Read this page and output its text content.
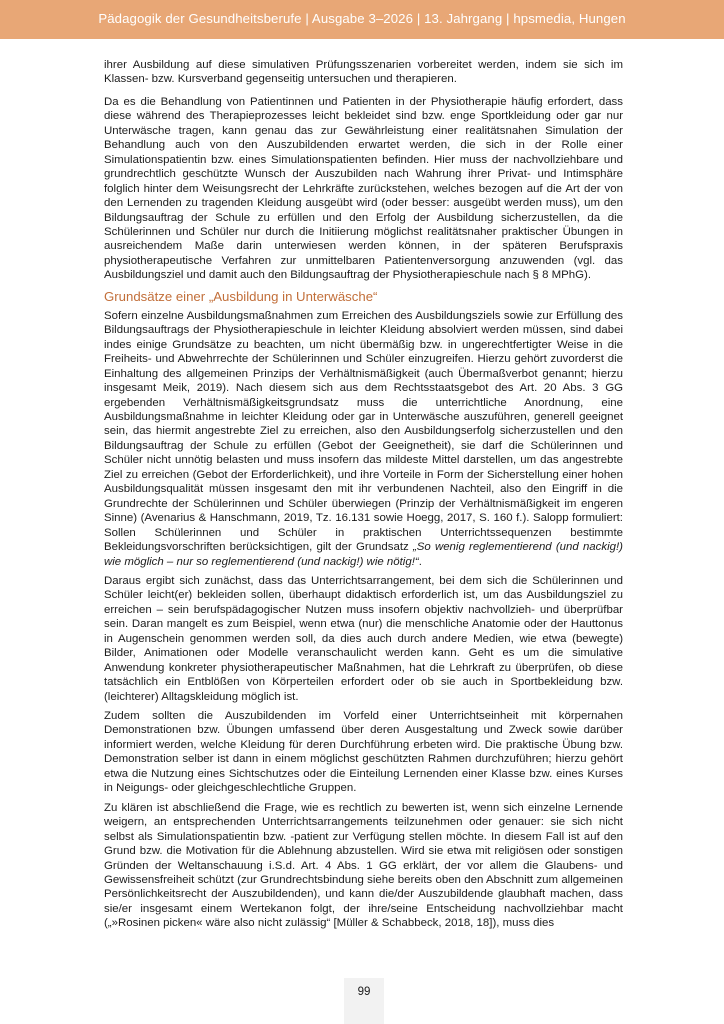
Pädagogik der Gesundheitsberufe | Ausgabe 3–2026 | 13. Jahrgang | hpsmedia, Hungen

ihrer Ausbildung auf diese simulativen Prüfungsszenarien vorbereitet werden, indem sie sich im Klassen- bzw. Kursverband gegenseitig untersuchen und therapieren.

Da es die Behandlung von Patientinnen und Patienten in der Physiotherapie häufig erfordert, dass diese während des Therapieprozesses leicht bekleidet sind bzw. enge Sportkleidung oder gar nur Unterwäsche tragen, kann genau das zur Gewährleistung einer realitätsnahen Simulation der Behandlung auch von den Auszubildenden erwartet werden, die sich in der Rolle einer Simulationspatientin bzw. eines Simulationspatienten befinden. Hier muss der nachvollziehbare und grundrechtlich geschützte Wunsch der Auszubilden nach Wahrung ihrer Privat- und Intimsphäre folglich hinter dem Weisungsrecht der Lehrkräfte zurückstehen, welches bezogen auf die Art der von den Lernenden zu tragenden Kleidung ausgeübt wird (oder besser: ausgeübt werden muss), um den Bildungsauftrag der Schule zu erfüllen und den Erfolg der Ausbildung sicherzustellen, da die Schülerinnen und Schüler nur durch die Initiierung möglichst realitätsnaher praktischer Übungen in ausreichendem Maße darin unterwiesen werden können, in der späteren Berufspraxis physiotherapeutische Verfahren zur unmittelbaren Patientenversorgung anzuwenden (vgl. das Ausbildungsziel und damit auch den Bildungsauftrag der Physiotherapieschule nach § 8 MPhG).

Grundsätze einer „Ausbildung in Unterwäsche“

Sofern einzelne Ausbildungsmaßnahmen zum Erreichen des Ausbildungsziels sowie zur Erfüllung des Bildungsauftrags der Physiotherapieschule in leichter Kleidung absolviert werden müssen, sind dabei indes einige Grundsätze zu beachten, um nicht übermäßig bzw. in ungerechtfertigter Weise in die Freiheits- und Abwehrrechte der Schülerinnen und Schüler einzugreifen. Hierzu gehört zuvorderst die Einhaltung des allgemeinen Prinzips der Verhältnismäßigkeit (auch Übermaßverbot genannt; hierzu insgesamt Meik, 2019). Nach diesem sich aus dem Rechtsstaatsgebot des Art. 20 Abs. 3 GG ergebenden Verhältnismäßigkeitsgrundsatz muss die unterrichtliche Anordnung, eine Ausbildungsmaßnahme in leichter Kleidung oder gar in Unterwäsche auszuführen, generell geeignet sein, das hiermit angestrebte Ziel zu erreichen, also den Ausbildungserfolg sicherzustellen und den Bildungsauftrag der Schule zu erfüllen (Gebot der Geeignetheit), sie darf die Schülerinnen und Schüler nicht unnötig belasten und muss insofern das mildeste Mittel darstellen, um das angestrebte Ziel zu erreichen (Gebot der Erforderlichkeit), und ihre Vorteile in Form der Sicherstellung einer hohen Ausbildungsqualität müssen insgesamt den mit ihr verbundenen Nachteil, also den Eingriff in die Grundrechte der Schülerinnen und Schüler überwiegen (Prinzip der Verhältnismäßigkeit im engeren Sinne) (Avenarius & Hanschmann, 2019, Tz. 16.131 sowie Hoegg, 2017, S. 160 f.). Salopp formuliert: Sollen Schülerinnen und Schüler in praktischen Unterrichtssequenzen bestimmte Bekleidungsvorschriften berücksichtigen, gilt der Grundsatz „So wenig reglementierend (und nackig!) wie möglich – nur so reglementierend (und nackig!) wie nötig!“.

Daraus ergibt sich zunächst, dass das Unterrichtsarrangement, bei dem sich die Schülerinnen und Schüler leicht(er) bekleiden sollen, überhaupt didaktisch erforderlich ist, um das Ausbildungsziel zu erreichen – sein berufspädagogischer Nutzen muss insofern objektiv nachvollzieh- und überprüfbar sein. Daran mangelt es zum Beispiel, wenn etwa (nur) die menschliche Anatomie oder der Hauttonus in Augenschein genommen werden soll, da dies auch durch andere Medien, wie etwa (bewegte) Bilder, Animationen oder Modelle veranschaulicht werden kann. Geht es um die simulative Anwendung konkreter physiotherapeutischer Maßnahmen, hat die Lehrkraft zu überprüfen, ob diese tatsächlich ein Entblößen von Körperteilen erfordert oder ob sie auch in Sportbekleidung bzw. (leichterer) Alltagskleidung möglich ist.

Zudem sollten die Auszubildenden im Vorfeld einer Unterrichtseinheit mit körpernahen Demonstrationen bzw. Übungen umfassend über deren Ausgestaltung und Zweck sowie darüber informiert werden, welche Kleidung für deren Durchführung erbeten wird. Die praktische Übung bzw. Demonstration selber ist dann in einem möglichst geschützten Rahmen durchzuführen; hierzu gehört etwa die Nutzung eines Sichtschutzes oder die Einteilung Lernenden einer Klasse bzw. eines Kurses in Neigungs- oder gleichgeschlechtliche Gruppen.

Zu klären ist abschließend die Frage, wie es rechtlich zu bewerten ist, wenn sich einzelne Lernende weigern, an entsprechenden Unterrichtsarrangements teilzunehmen oder genauer: sie sich nicht selbst als Simulationspatientin bzw. -patient zur Verfügung stellen möchte. In diesem Fall ist auf den Grund bzw. die Motivation für die Ablehnung abzustellen. Wird sie etwa mit religiösen oder sonstigen Gründen der Weltanschauung i.S.d. Art. 4 Abs. 1 GG erklärt, der vor allem die Glaubens- und Gewissensfreiheit schützt (zur Grundrechtsbindung siehe bereits oben den Abschnitt zum allgemeinen Persönlichkeitsrecht der Auszubildenden), und kann die/der Auszubildende glaubhaft machen, dass sie/er insgesamt einem Wertekanon folgt, der ihre/seine Entscheidung nachvollziehbar macht („»Rosinen picken« wäre also nicht zulässig“ [Müller & Schabbeck, 2018, 18]), muss dies

99
